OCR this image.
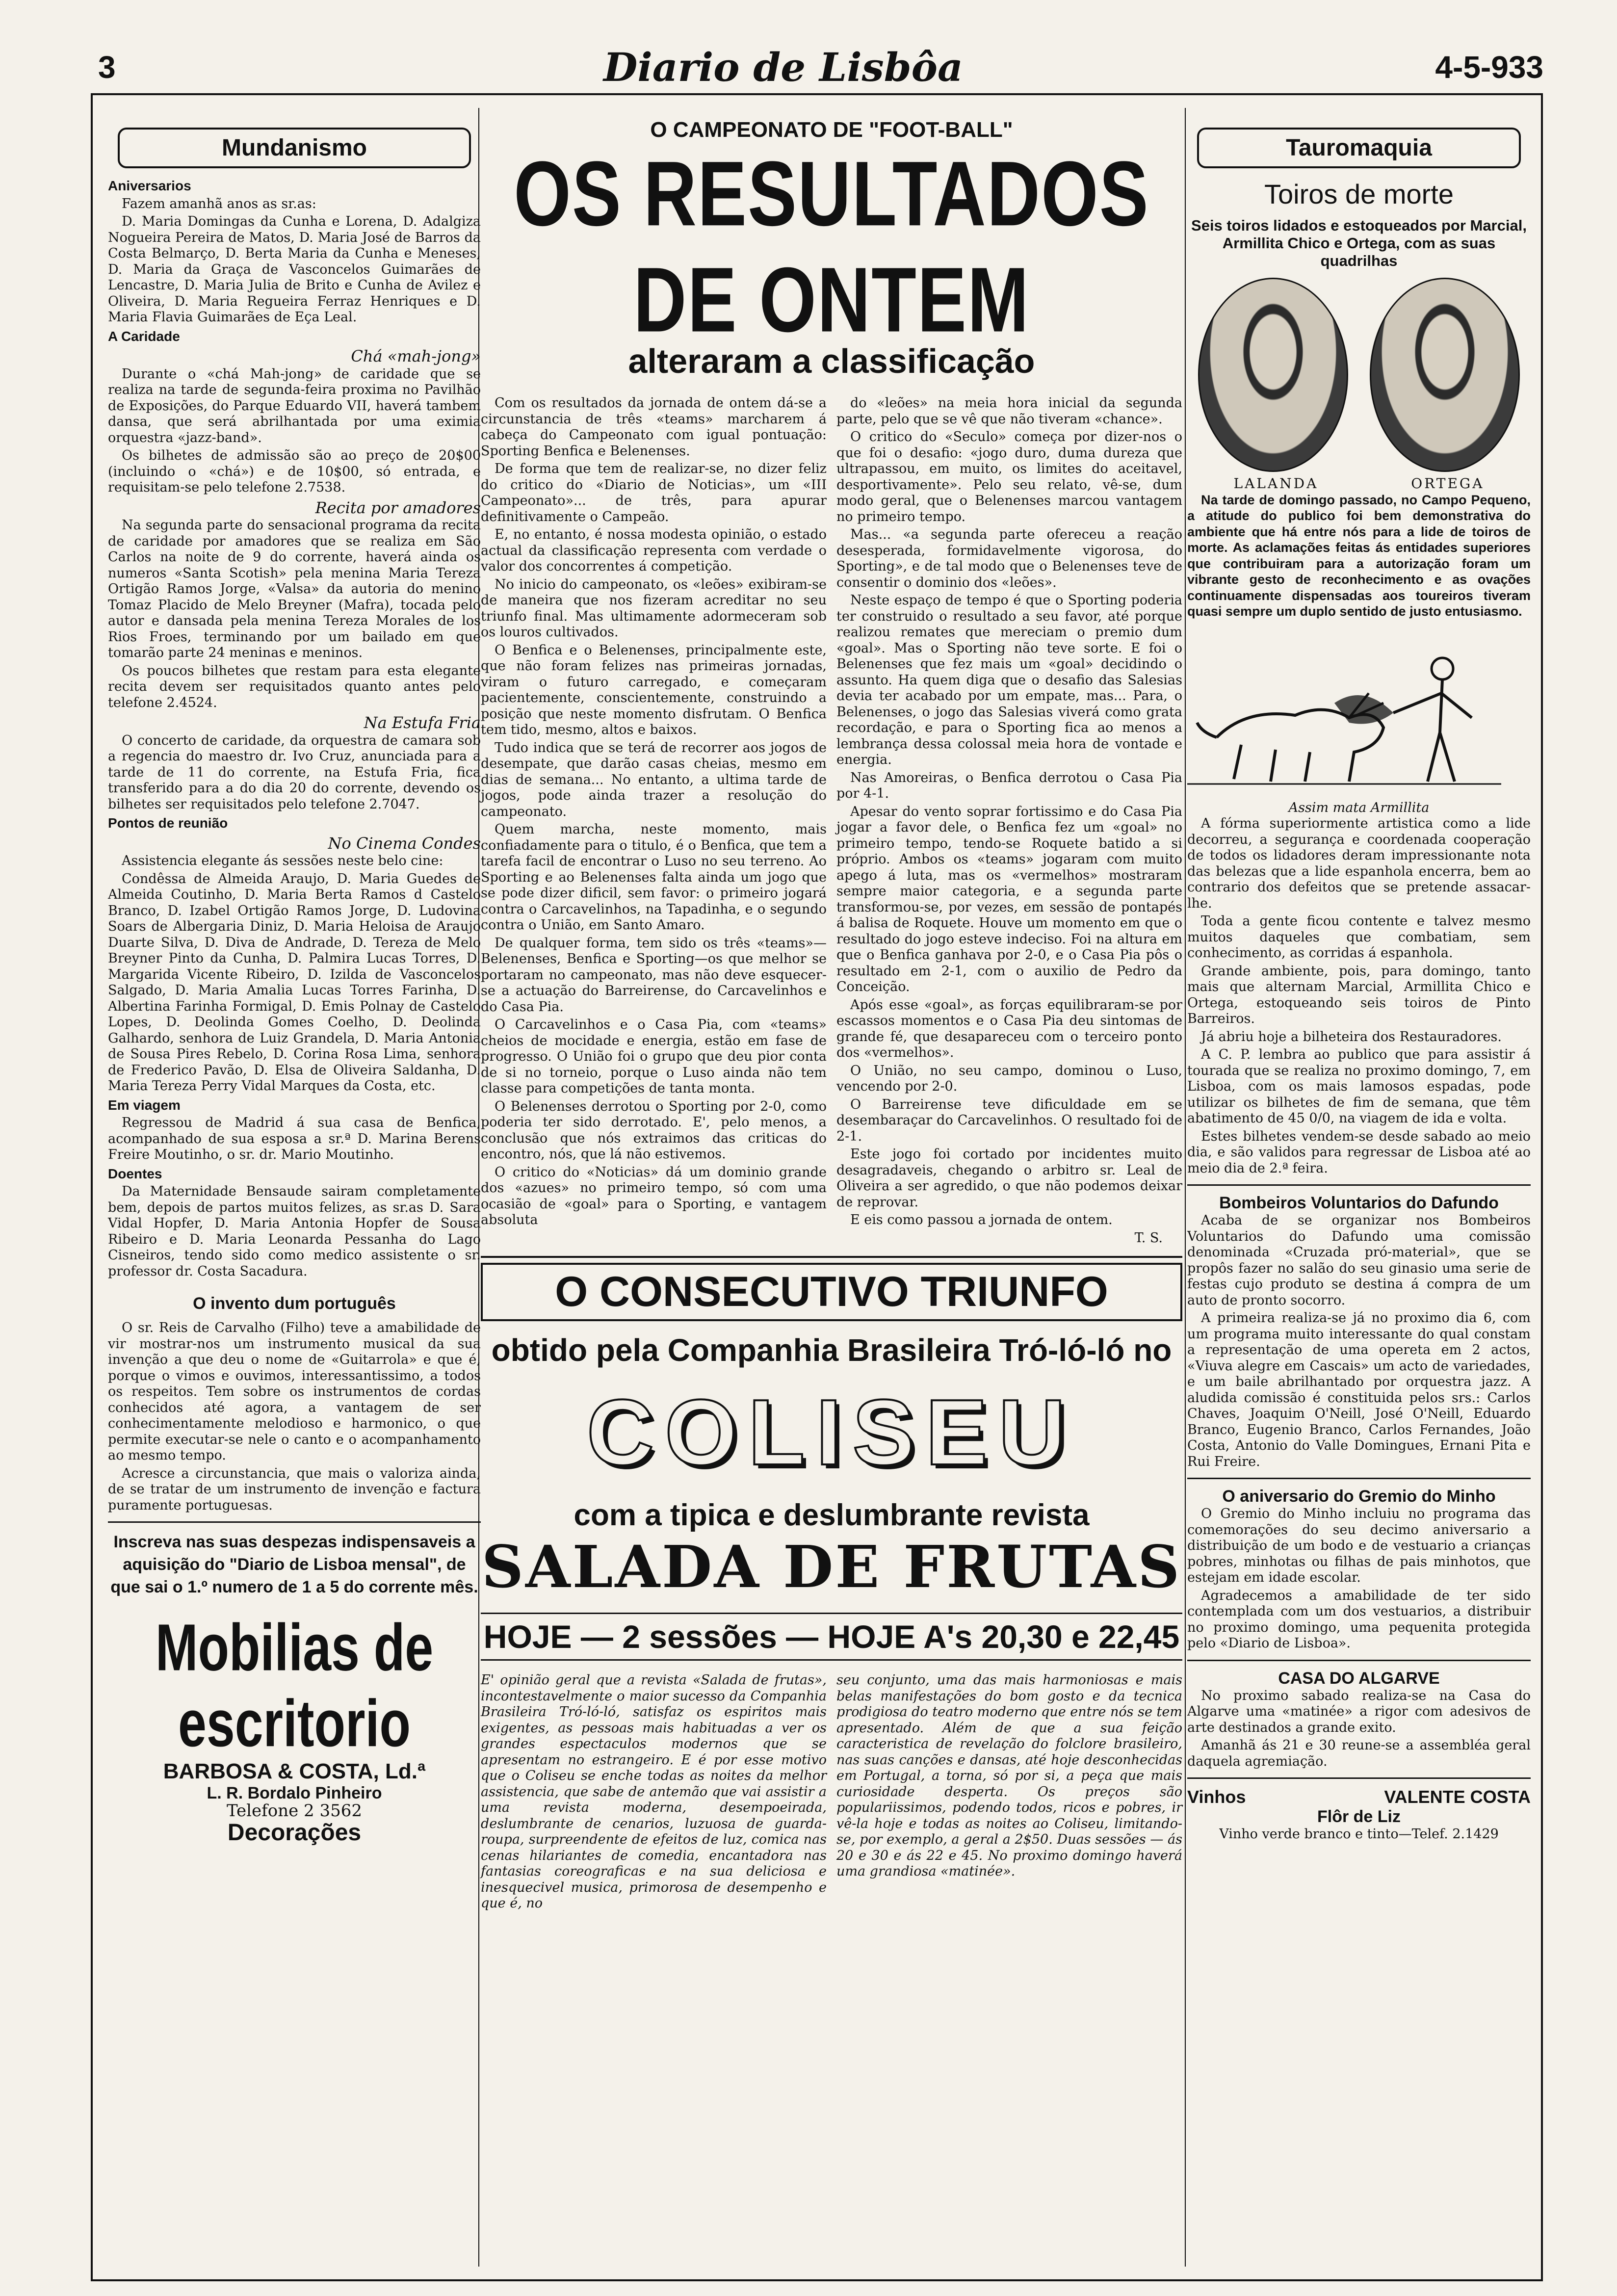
3	Diario de Lisbôa	4-5-933
Mundanismo
Aniversarios

Fazem amanhã anos as sr.as:

D. Maria Domingas da Cunha e Lorena, D. Adalgiza Nogueira Pereira de Matos, D. Maria José de Barros da Costa Belmarço, D. Berta Maria da Cunha e Meneses, D. Maria da Graça de Vasconcelos Guimarães de Lencastre, D. Maria Julia de Brito e Cunha de Avilez e Oliveira, D. Maria Regueira Ferraz Henriques e D. Maria Flavia Guimarães de Eça Leal.

A Caridade
Chá «mah-jong»

Durante o «chá Mah-jong» de caridade que se realiza na tarde de segunda-feira proxima no Pavilhão de Exposições, do Parque Eduardo VII, haverá tambem dansa, que será abrilhantada por uma eximia orquestra «jazz-band».

Os bilhetes de admissão são ao preço de 20$00 (incluindo o «chá») e de 10$00, só entrada, e requisitam-se pelo telefone 2.7538.

Recita por amadores

Na segunda parte do sensacional programa da recita de caridade por amadores que se realiza em São Carlos na noite de 9 do corrente, haverá ainda os numeros «Santa Scotish» pela menina Maria Tereza Ortigão Ramos Jorge, «Valsa» da autoria do menino Tomaz Placido de Melo Breyner (Mafra), tocada pelo autor e dansada pela menina Tereza Morales de los Rios Froes, terminando por um bailado em que tomarão parte 24 meninas e meninos.

Os poucos bilhetes que restam para esta elegante recita devem ser requisitados quanto antes pelo telefone 2.4524.

Na Estufa Fria

O concerto de caridade, da orquestra de camara sob a regencia do maestro dr. Ivo Cruz, anunciada para a tarde de 11 do corrente, na Estufa Fria, fica transferido para a do dia 20 do corrente, devendo os bilhetes ser requisitados pelo telefone 2.7047.

Pontos de reunião
No Cinema Condes

Assistencia elegante ás sessões neste belo cine:

Condêssa de Almeida Araujo, D. Maria Guedes de Almeida Coutinho, D. Maria Berta Ramos d Castelo Branco, D. Izabel Ortigão Ramos Jorge, D. Ludovina Soars de Albergaria Diniz, D. Maria Heloisa de Araujo Duarte Silva, D. Diva de Andrade, D. Tereza de Melo Breyner Pinto da Cunha, D. Palmira Lucas Torres, D. Margarida Vicente Ribeiro, D. Izilda de Vasconcelos Salgado, D. Maria Amalia Lucas Torres Farinha, D. Albertina Farinha Formigal, D. Emis Polnay de Castelo Lopes, D. Deolinda Gomes Coelho, D. Deolinda Galhardo, senhora de Luiz Grandela, D. Maria Antonia de Sousa Pires Rebelo, D. Corina Rosa Lima, senhora de Frederico Pavão, D. Elsa de Oliveira Saldanha, D. Maria Tereza Perry Vidal Marques da Costa, etc.

Em viagem

Regressou de Madrid á sua casa de Benfica, acompanhado de sua esposa a sr.ª D. Marina Berens Freire Moutinho, o sr. dr. Mario Moutinho.

Doentes

Da Maternidade Bensaude sairam completamente bem, depois de partos muitos felizes, as sr.as D. Sara Vidal Hopfer, D. Maria Antonia Hopfer de Sousa Ribeiro e D. Maria Leonarda Pessanha do Lago Cisneiros, tendo sido como medico assistente o sr. professor dr. Costa Sacadura.

O invento dum português

O sr. Reis de Carvalho (Filho) teve a amabilidade de vir mostrar-nos um instrumento musical da sua invenção a que deu o nome de «Guitarrola» e que é, porque o vimos e ouvimos, interessantissimo, a todos os respeitos. Tem sobre os instrumentos de cordas conhecidos até agora, a vantagem de ser conhecimentamente melodioso e harmonico, o que permite executar-se nele o canto e o acompanhamento ao mesmo tempo.

Acresce a circunstancia, que mais o valoriza ainda, de se tratar de um instrumento de invenção e factura puramente portuguesas.

Inscreva nas suas despezas indispensaveis a aquisição do "Diario de Lisboa mensal", de que sai o 1.º numero de 1 a 5 do corrente mês.
Mobilias de escritorio
BARBOSA & COSTA, Ld.ª
L. R. Bordalo Pinheiro
Telefone 2 3562
Decorações
O CAMPEONATO DE "FOOT-BALL"
OS RESULTADOS DE ONTEM
alteraram a classificação

Com os resultados da jornada de ontem dá-se a circunstancia de três «teams» marcharem á cabeça do Campeonato com igual pontuação: Sporting Benfica e Belenenses.

De forma que tem de realizar-se, no dizer feliz do critico do «Diario de Noticias», um «III Campeonato»... de três, para apurar definitivamente o Campeão.

E, no entanto, é nossa modesta opinião, o estado actual da classificação representa com verdade o valor dos concorrentes á competição.

No inicio do campeonato, os «leões» exibiram-se de maneira que nos fizeram acreditar no seu triunfo final. Mas ultimamente adormeceram sob os louros cultivados.

O Benfica e o Belenenses, principalmente este, que não foram felizes nas primeiras jornadas, viram o futuro carregado, e começaram pacientemente, conscientemente, construindo a posição que neste momento disfrutam. O Benfica tem tido, mesmo, altos e baixos.

Tudo indica que se terá de recorrer aos jogos de desempate, que darão casas cheias, mesmo em dias de semana... No entanto, a ultima tarde de jogos, pode ainda trazer a resolução do campeonato.

Quem marcha, neste momento, mais confiadamente para o titulo, é o Benfica, que tem a tarefa facil de encontrar o Luso no seu terreno. Ao Sporting e ao Belenenses falta ainda um jogo que se pode dizer dificil, sem favor: o primeiro jogará contra o Carcavelinhos, na Tapadinha, e o segundo contra o União, em Santo Amaro.

De qualquer forma, tem sido os três «teams»—Belenenses, Benfica e Sporting—os que melhor se portaram no campeonato, mas não deve esquecer-se a actuação do Barreirense, do Carcavelinhos e do Casa Pia.

O Carcavelinhos e o Casa Pia, com «teams» cheios de mocidade e energia, estão em fase de progresso. O União foi o grupo que deu pior conta de si no torneio, porque o Luso ainda não tem classe para competições de tanta monta.

O Belenenses derrotou o Sporting por 2-0, como poderia ter sido derrotado. E', pelo menos, a conclusão que nós extraimos das criticas do encontro, nós, que lá não estivemos.

O critico do «Noticias» dá um dominio grande dos «azues» no primeiro tempo, só com uma ocasião de «goal» para o Sporting, e vantagem absoluta

do «leões» na meia hora inicial da segunda parte, pelo que se vê que não tiveram «chance».

O critico do «Seculo» começa por dizer-nos o que foi o desafio: «jogo duro, duma dureza que ultrapassou, em muito, os limites do aceitavel, desportivamente». Pelo seu relato, vê-se, dum modo geral, que o Belenenses marcou vantagem no primeiro tempo.

Mas... «a segunda parte ofereceu a reação desesperada, formidavelmente vigorosa, do Sporting», e de tal modo que o Belenenses teve de consentir o dominio dos «leões».

Neste espaço de tempo é que o Sporting poderia ter construido o resultado a seu favor, até porque realizou remates que mereciam o premio dum «goal». Mas o Sporting não teve sorte. E foi o Belenenses que fez mais um «goal» decidindo o assunto. Ha quem diga que o desafio das Salesias devia ter acabado por um empate, mas... Para, o Belenenses, o jogo das Salesias viverá como grata recordação, e para o Sporting fica ao menos a lembrança dessa colossal meia hora de vontade e energia.

Nas Amoreiras, o Benfica derrotou o Casa Pia por 4-1.

Apesar do vento soprar fortissimo e do Casa Pia jogar a favor dele, o Benfica fez um «goal» no primeiro tempo, tendo-se Roquete batido a si próprio. Ambos os «teams» jogaram com muito apego á luta, mas os «vermelhos» mostraram sempre maior categoria, e a segunda parte transformou-se, por vezes, em sessão de pontapés á balisa de Roquete. Houve um momento em que o resultado do jogo esteve indeciso. Foi na altura em que o Benfica ganhava por 2-0, e o Casa Pia pôs o resultado em 2-1, com o auxilio de Pedro da Conceição.

Após esse «goal», as forças equilibraram-se por escassos momentos e o Casa Pia deu sintomas de grande fé, que desapareceu com o terceiro ponto dos «vermelhos».

O União, no seu campo, dominou o Luso, vencendo por 2-0.

O Barreirense teve dificuldade em se desembaraçar do Carcavelinhos. O resultado foi de 2-1.

Este jogo foi cortado por incidentes muito desagradaveis, chegando o arbitro sr. Leal de Oliveira a ser agredido, o que não podemos deixar de reprovar.

E eis como passou a jornada de ontem.

T. S.
O CONSECUTIVO TRIUNFO
obtido pela Companhia Brasileira Tró-ló-ló no
COLISEU
com a tipica e deslumbrante revista
SALADA DE FRUTAS
HOJE — 2 sessões — HOJE A's 20,30 e 22,45
E' opinião geral que a revista «Salada de frutas», incontestavelmente o maior sucesso da Companhia Brasileira Tró-ló-ló, satisfaz os espiritos mais exigentes, as pessoas mais habituadas a ver os grandes espectaculos modernos que se apresentam no estrangeiro. E é por esse motivo que o Coliseu se enche todas as noites da melhor assistencia, que sabe de antemão que vai assistir a uma revista moderna, desempoeirada, deslumbrante de cenarios, luzuosa de guarda-roupa, surpreendente de efeitos de luz, comica nas cenas hilariantes de comedia, encantadora nas fantasias coreograficas e na sua deliciosa e inesquecivel musica, primorosa de desempenho e que é, no
seu conjunto, uma das mais harmoniosas e mais belas manifestações do bom gosto e da tecnica prodigiosa do teatro moderno que entre nós se tem apresentado. Além de que a sua feição caracteristica de revelação do folclore brasileiro, nas suas canções e dansas, até hoje desconhecidas em Portugal, a torna, só por si, a peça que mais curiosidade desperta. Os preços são populariissimos, podendo todos, ricos e pobres, ir vê-la hoje e todas as noites ao Coliseu, limitando-se, por exemplo, a geral a 2$50. Duas sessões — ás 20 e 30 e ás 22 e 45. No proximo domingo haverá uma grandiosa «matinée».
Tauromaquia
Toiros de morte
Seis toiros lidados e estoqueados por Marcial, Armillita Chico e Ortega, com as suas quadrilhas
LALANDA	ORTEGA

Na tarde de domingo passado, no Campo Pequeno, a atitude do publico foi bem demonstrativa do ambiente que há entre nós para a lide de toiros de morte. As aclamações feitas ás entidades superiores que contribuiram para a autorização foram um vibrante gesto de reconhecimento e as ovações continuamente dispensadas aos toureiros tiveram quasi sempre um duplo sentido de justo entusiasmo.

Assim mata Armillita

A fórma superiormente artistica como a lide decorreu, a segurança e coordenada cooperação de todos os lidadores deram impressionante nota das belezas que a lide espanhola encerra, bem ao contrario dos defeitos que se pretende assacar-lhe.

Toda a gente ficou contente e talvez mesmo muitos daqueles que combatiam, sem conhecimento, as corridas á espanhola.

Grande ambiente, pois, para domingo, tanto mais que alternam Marcial, Armillita Chico e Ortega, estoqueando seis toiros de Pinto Barreiros.

Já abriu hoje a bilheteira dos Restauradores.

A C. P. lembra ao publico que para assistir á tourada que se realiza no proximo domingo, 7, em Lisboa, com os mais lamosos espadas, pode utilizar os bilhetes de fim de semana, que têm abatimento de 45 0/0, na viagem de ida e volta.

Estes bilhetes vendem-se desde sabado ao meio dia, e são validos para regressar de Lisboa até ao meio dia de 2.ª feira.

Bombeiros Voluntarios do Dafundo

Acaba de se organizar nos Bombeiros Voluntarios do Dafundo uma comissão denominada «Cruzada pró-material», que se propôs fazer no salão do seu ginasio uma serie de festas cujo produto se destina á compra de um auto de pronto socorro.

A primeira realiza-se já no proximo dia 6, com um programa muito interessante do qual constam a representação de uma opereta em 2 actos, «Viuva alegre em Cascais» um acto de variedades, e um baile abrilhantado por orquestra jazz. A aludida comissão é constituida pelos srs.: Carlos Chaves, Joaquim O'Neill, José O'Neill, Eduardo Branco, Eugenio Branco, Carlos Fernandes, João Costa, Antonio do Valle Domingues, Ernani Pita e Rui Freire.

O aniversario do Gremio do Minho

O Gremio do Minho incluiu no programa das comemorações do seu decimo aniversario a distribuição de um bodo e de vestuario a crianças pobres, minhotas ou filhas de pais minhotos, que estejam em idade escolar.

Agradecemos a amabilidade de ter sido contemplada com um dos vestuarios, a distribuir no proximo domingo, uma pequenita protegida pelo «Diario de Lisboa».

CASA DO ALGARVE

No proximo sabado realiza-se na Casa do Algarve uma «matinée» a rigor com adesivos de arte destinados a grande exito.

Amanhã ás 21 e 30 reune-se a assembléa geral daquela agremiação.

Vinhos	VALENTE COSTA
Flôr de Liz
Vinho verde branco e tinto—Telef. 2.1429
